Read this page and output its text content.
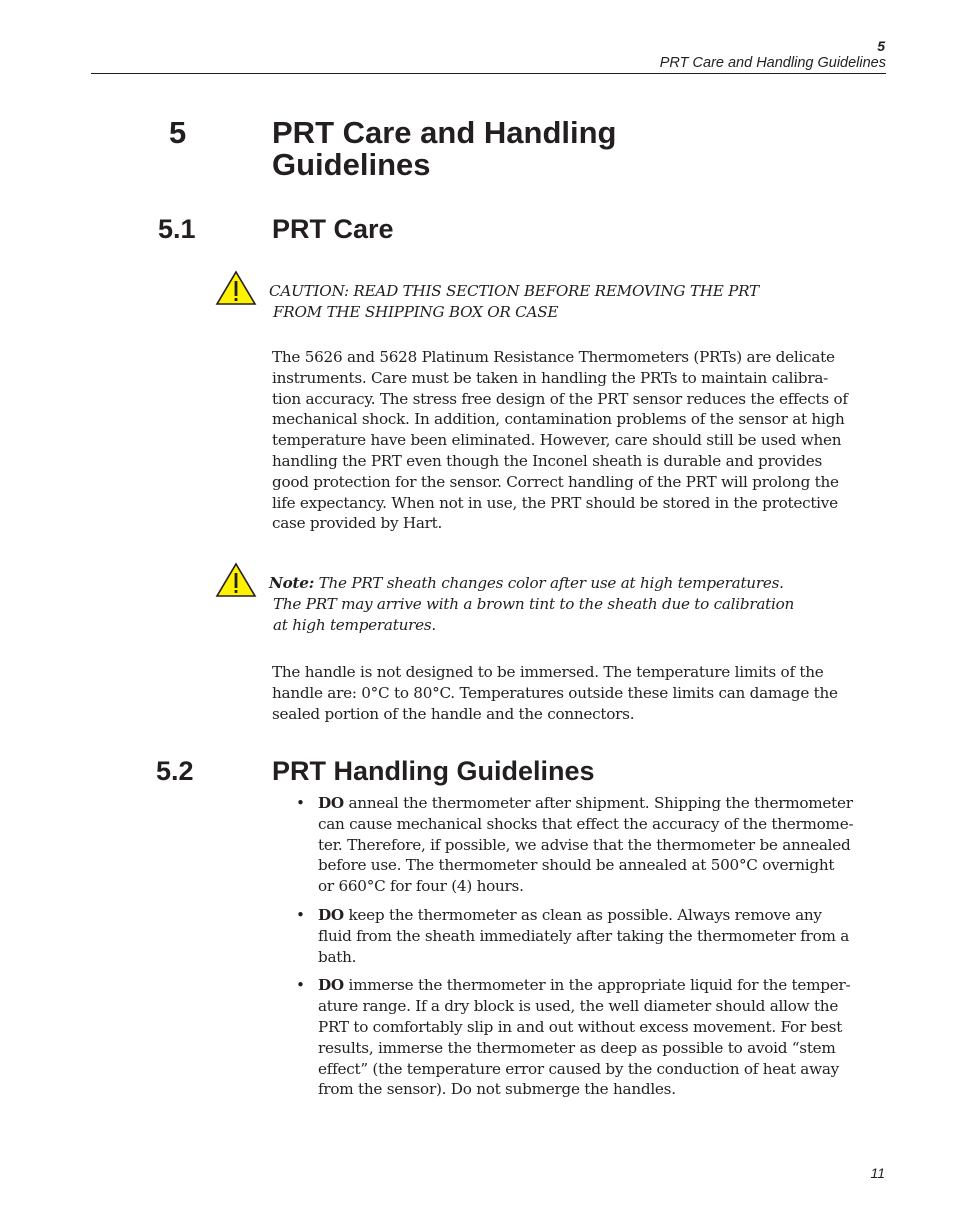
5
PRT Care and Handling Guidelines
5	PRT Care and Handling
Guidelines
5.1	PRT Care
CAUTION: READ THIS SECTION BEFORE REMOVING THE PRT
FROM THE SHIPPING BOX OR CASE
The 5626 and 5628 Platinum Resistance Thermometers (PRTs) are delicate
instruments. Care must be taken in handling the PRTs to maintain calibra-
tion accuracy. The stress free design of the PRT sensor reduces the effects of
mechanical shock. In addition, contamination problems of the sensor at high
temperature have been eliminated. However, care should still be used when
handling the PRT even though the Inconel sheath is durable and provides
good protection for the sensor. Correct handling of the PRT will prolong the
life expectancy. When not in use, the PRT should be stored in the protective
case provided by Hart.
Note: The PRT sheath changes color after use at high temperatures.
The PRT may arrive with a brown tint to the sheath due to calibration
at high temperatures.
The handle is not designed to be immersed. The temperature limits of the
handle are: 0°C to 80°C. Temperatures outside these limits can damage the
sealed portion of the handle and the connectors.
5.2	PRT Handling Guidelines
• DO anneal the thermometer after shipment. Shipping the thermometer
can cause mechanical shocks that effect the accuracy of the thermome-
ter. Therefore, if possible, we advise that the thermometer be annealed
before use. The thermometer should be annealed at 500°C overnight
or 660°C for four (4) hours.
• DO keep the thermometer as clean as possible. Always remove any
fluid from the sheath immediately after taking the thermometer from a
bath.
• DO immerse the thermometer in the appropriate liquid for the temper-
ature range. If a dry block is used, the well diameter should allow the
PRT to comfortably slip in and out without excess movement. For best
results, immerse the thermometer as deep as possible to avoid “stem
effect” (the temperature error caused by the conduction of heat away
from the sensor). Do not submerge the handles.
11
